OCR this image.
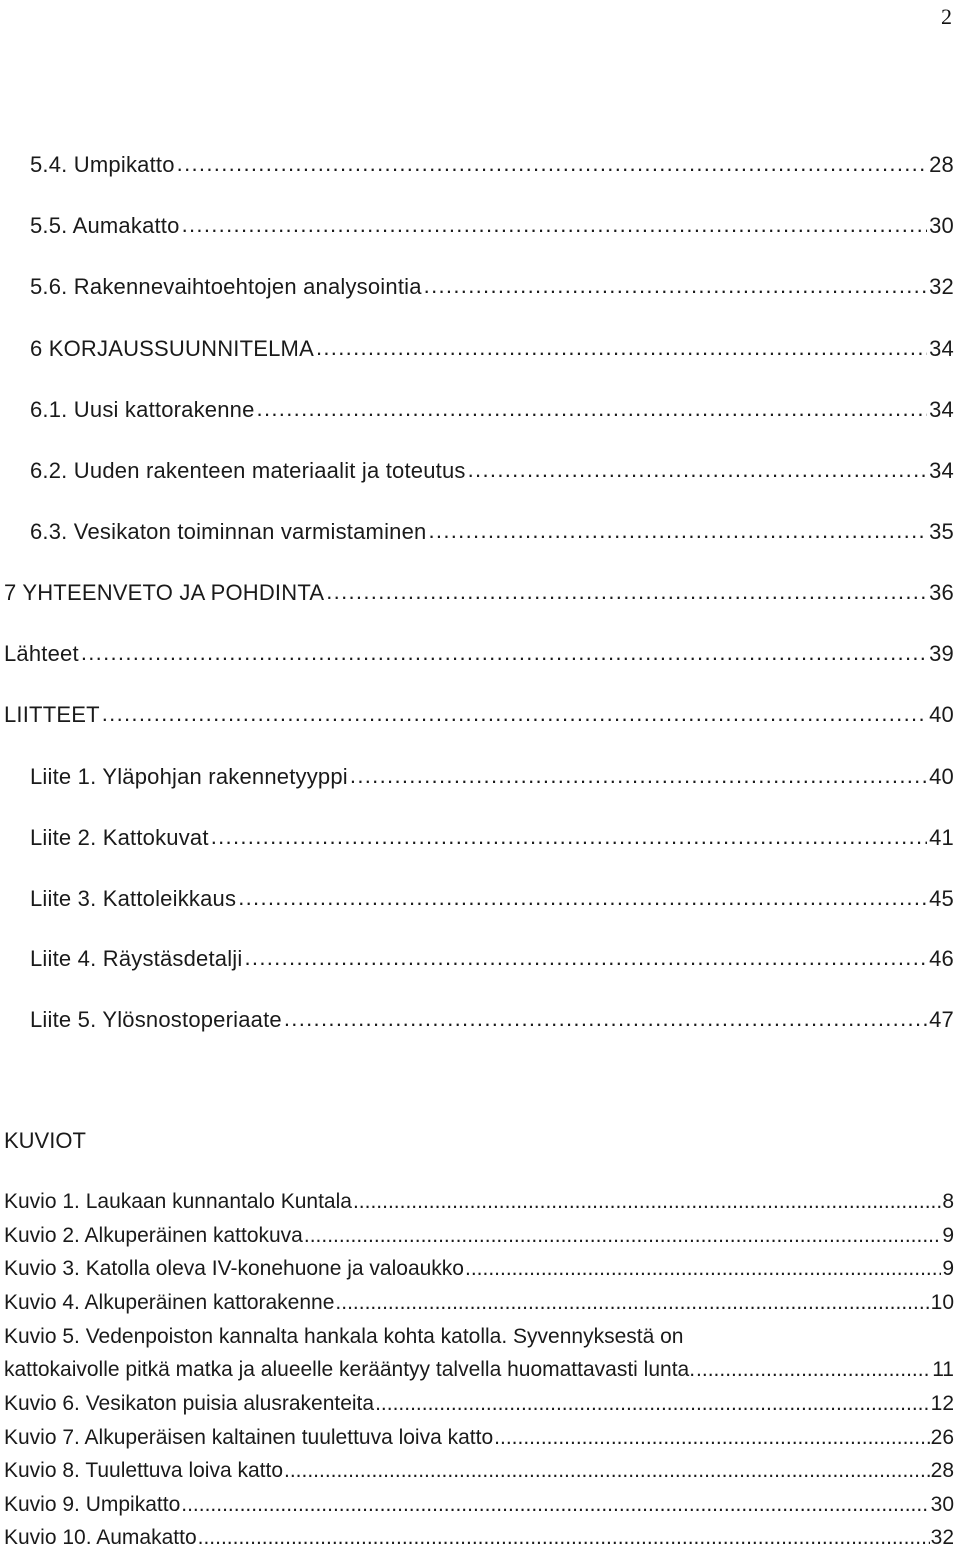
2
5.4. Umpikatto . . .	28
5.5. Aumakatto . . .	30
5.6. Rakennevaihtoehtojen analysointia . . .	32
6 KORJAUSSUUNNITELMA . . .	34
6.1. Uusi kattorakenne . . .	34
6.2. Uuden rakenteen materiaalit ja toteutus . . .	34
6.3. Vesikaton toiminnan varmistaminen . . .	35
7 YHTEENVETO JA POHDINTA . . .	36
Lähteet . . .	39
LIITTEET . . .	40
Liite 1. Yläpohjan rakennetyyppi . . .	40
Liite 2. Kattokuvat . . .	41
Liite 3. Kattoleikkaus . . .	45
Liite 4. Räystäsdetalji . . .	46
Liite 5. Ylösnostoperiaate . . .	47
KUVIOT
Kuvio 1. Laukaan kunnantalo Kuntala .....	8
Kuvio 2. Alkuperäinen kattokuva .....	9
Kuvio 3. Katolla oleva IV-konehuone ja valoaukko .....	9
Kuvio 4. Alkuperäinen kattorakenne .....	10
Kuvio 5. Vedenpoiston kannalta hankala kohta katolla. Syvennyksestä on
kattokaivolle pitkä matka ja alueelle kerääntyy talvella huomattavasti lunta. .....	11
Kuvio 6. Vesikaton puisia alusrakenteita .....	12
Kuvio 7. Alkuperäisen kaltainen tuulettuva loiva katto .....	26
Kuvio 8. Tuulettuva loiva katto .....	28
Kuvio 9. Umpikatto .....	30
Kuvio 10. Aumakatto .....	32
